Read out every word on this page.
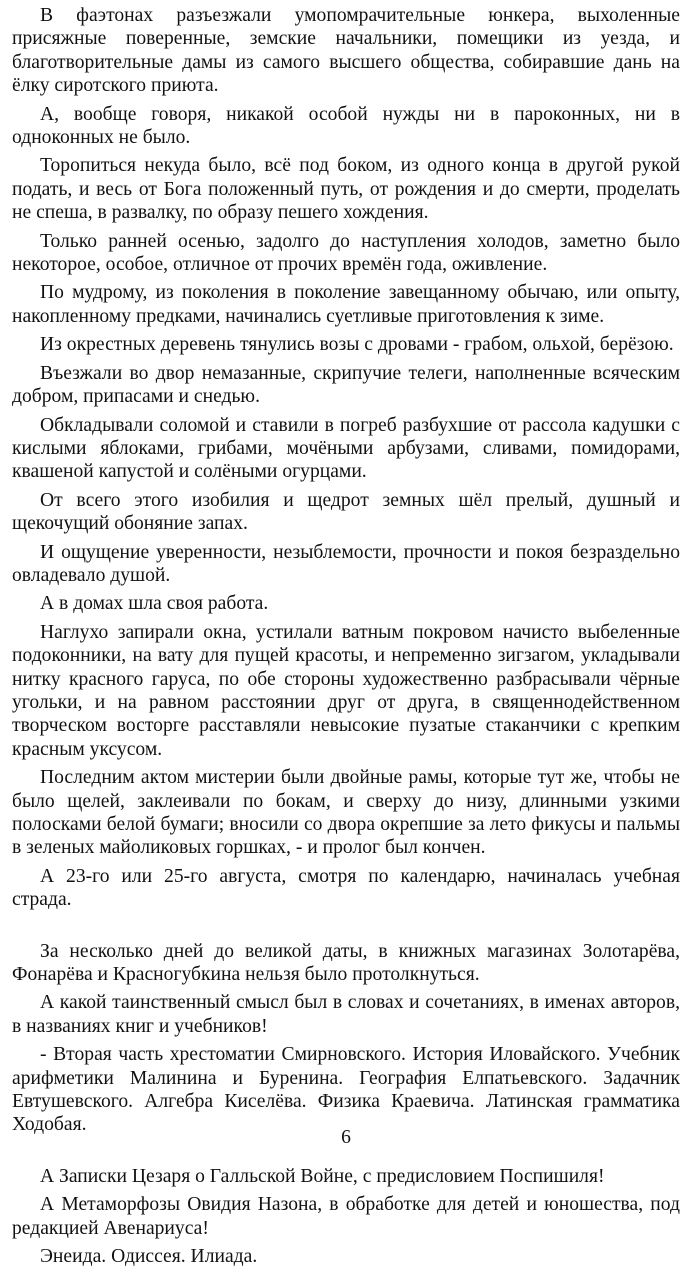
В фаэтонах разъезжали умопомрачительные юнкера, выхоленные присяжные поверенные, земские начальники, помещики из уезда, и благотворительные дамы из самого высшего общества, собиравшие дань на ёлку сиротского приюта.

А, вообще говоря, никакой особой нужды ни в пароконных, ни в одноконных не было.

Торопиться некуда было, всё под боком, из одного конца в другой рукой подать, и весь от Бога положенный путь, от рождения и до смерти, проделать не спеша, в развалку, по образу пешего хождения.

Только ранней осенью, задолго до наступления холодов, заметно было некоторое, особое, отличное от прочих времён года, оживление.

По мудрому, из поколения в поколение завещанному обычаю, или опыту, накопленному предками, начинались суетливые приготовления к зиме.

Из окрестных деревень тянулись возы с дровами - грабом, ольхой, берёзою.

Въезжали во двор немазанные, скрипучие телеги, наполненные всяческим добром, припасами и снедью.

Обкладывали соломой и ставили в погреб разбухшие от рассола кадушки с кислыми яблоками, грибами, мочёными арбузами, сливами, помидорами, квашеной капустой и солёными огурцами.

От всего этого изобилия и щедрот земных шёл прелый, душный и щекочущий обоняние запах.

И ощущение уверенности, незыблемости, прочности и покоя безраздельно овладевало душой.

А в домах шла своя работа.

Наглухо запирали окна, устилали ватным покровом начисто выбеленные подоконники, на вату для пущей красоты, и непременно зигзагом, укладывали нитку красного гаруса, по обе стороны художественно разбрасывали чёрные угольки, и на равном расстоянии друг от друга, в священнодейственном творческом восторге расставляли невысокие пузатые стаканчики с крепким красным уксусом.

Последним актом мистерии были двойные рамы, которые тут же, чтобы не было щелей, заклеивали по бокам, и сверху до низу, длинными узкими полосками белой бумаги; вносили со двора окрепшие за лето фикусы и пальмы в зеленых майоликовых горшках, - и пролог был кончен.

А 23-го или 25-го августа, смотря по календарю, начиналась учебная страда.

За несколько дней до великой даты, в книжных магазинах Золотарёва, Фонарёва и Красногубкина нельзя было протолкнуться.

А какой таинственный смысл был в словах и сочетаниях, в именах авторов, в названиях книг и учебников!

- Вторая часть хрестоматии Смирновского. История Иловайского. Учебник арифметики Малинина и Буренина. География Елпатьевского. Задачник Евтушевского. Алгебра Киселёва. Физика Краевича. Латинская грамматика Ходобая.

А Записки Цезаря о Галльской Войне, с предисловием Поспишиля!

А Метаморфозы Овидия Назона, в обработке для детей и юношества, под редакцией Авенариуса!

Энеида. Одиссея. Илиада.

6
